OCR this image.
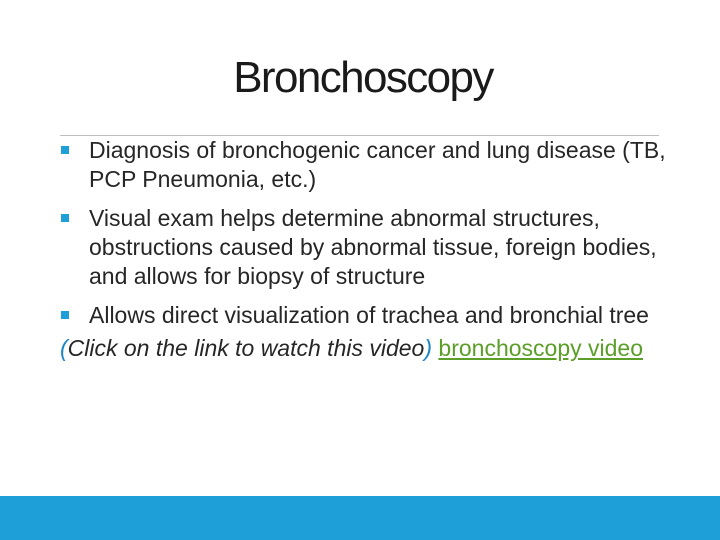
Bronchoscopy
Diagnosis of bronchogenic cancer and lung disease (TB, PCP Pneumonia, etc.)
Visual exam helps determine abnormal structures, obstructions caused by abnormal tissue, foreign bodies, and allows for biopsy of structure
Allows direct visualization of trachea and bronchial tree
(Click on the link to watch this video) bronchoscopy video
